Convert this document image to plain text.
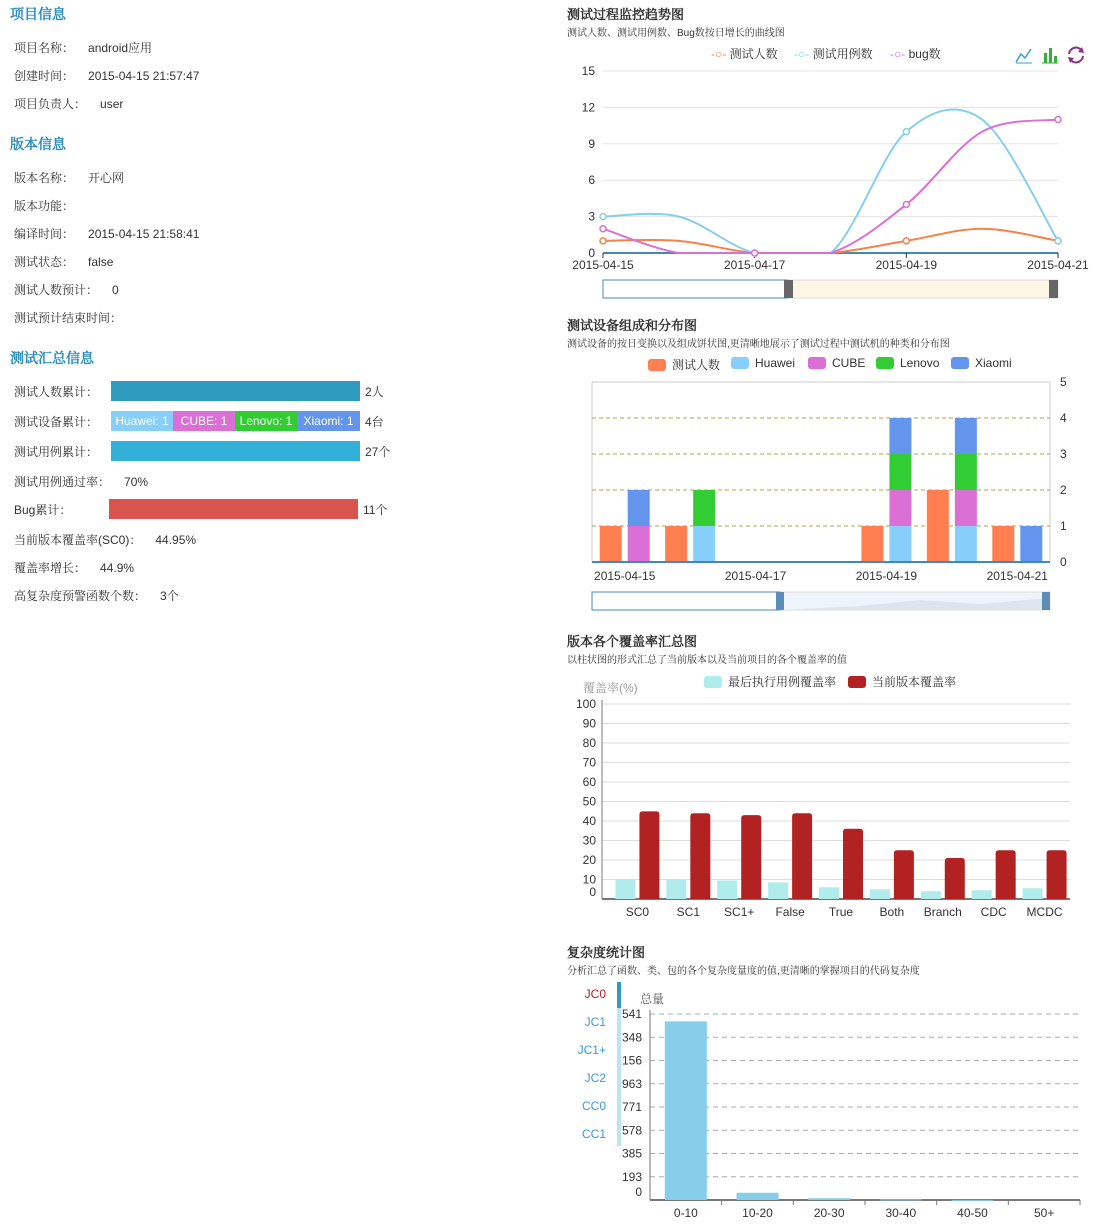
项目信息
项目名称： android应用
创建时间： 2015-04-15 21:57:47
项目负责人： user
版本信息
版本名称： 开心网
版本功能：
编译时间： 2015-04-15 21:58:41
测试状态： false
测试人数预计： 0
测试预计结束时间：
测试汇总信息
测试人数累计：	2人
测试设备累计：	Huawei: 1 CUBE: 1	Lenovo: 1 Xiaomi: 1 4台
测试用例累计：	27个
测试用例通过率： 70%
Bug累计：	11个
当前版本覆盖率(SC0)： 44.95%
覆盖率增长： 44.9%
高复杂度预警函数个数： 3个
测试过程监控趋势图
测试人数、测试用例数、Bug数按日增长的曲线图
-○- 测试人数 -○- 测试用例数 -○- bug数
15
12
9
6
3
0
2015-04-15	2015-04-17	2015-04-19	2015-04-21
测试设备组成和分布图
测试设备的按日变换以及组成饼状图,更清晰地展示了测试过程中测试机的种类和分布图
测试人数	Huawei	CUBE	Lenovo	Xiaomi
5
4
3
2
1
0
2015-04-15	2015-04-17	2015-04-19	2015-04-21
版本各个覆盖率汇总图
以柱状图的形式汇总了当前版本以及当前项目的各个覆盖率的值
最后执行用例覆盖率	当前版本覆盖率
覆盖率(%)
100
90
80
70
60
50
40
30
20
10
0
SC0 SC1 SC1+ False True Both Branch CDC MCDC
复杂度统计图
分析汇总了函数、类、包的各个复杂度量度的值,更清晰的掌握项目的代码复杂度
JC0
JC1
JC1+
JC2
CC0
CC1
总量
541
348
156
963
771
578
385
193
0
0-10	10-20	20-30	30-40	40-50	50+
